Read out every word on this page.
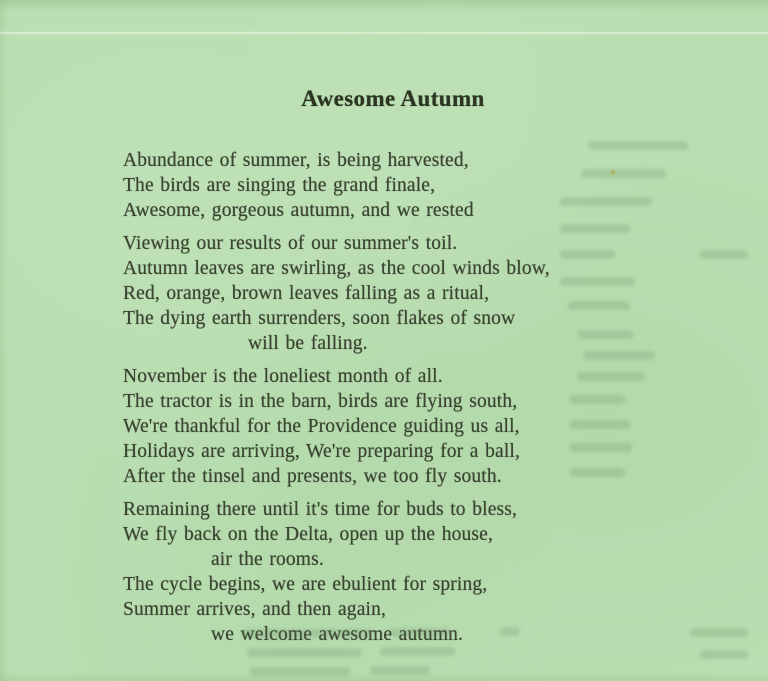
Awesome Autumn
Abundance of summer, is being harvested,
The birds are singing the grand finale,
Awesome, gorgeous autumn, and we rested
Viewing our results of our summer's toil.
Autumn leaves are swirling, as the cool winds blow,
Red, orange, brown leaves falling as a ritual,
The dying earth surrenders, soon flakes of snow
will be falling.
November is the loneliest month of all.
The tractor is in the barn, birds are flying south,
We're thankful for the Providence guiding us all,
Holidays are arriving, We're preparing for a ball,
After the tinsel and presents, we too fly south.
Remaining there until it's time for buds to bless,
We fly back on the Delta, open up the house,
air the rooms.
The cycle begins, we are ebulient for spring,
Summer arrives, and then again,
we welcome awesome autumn.
